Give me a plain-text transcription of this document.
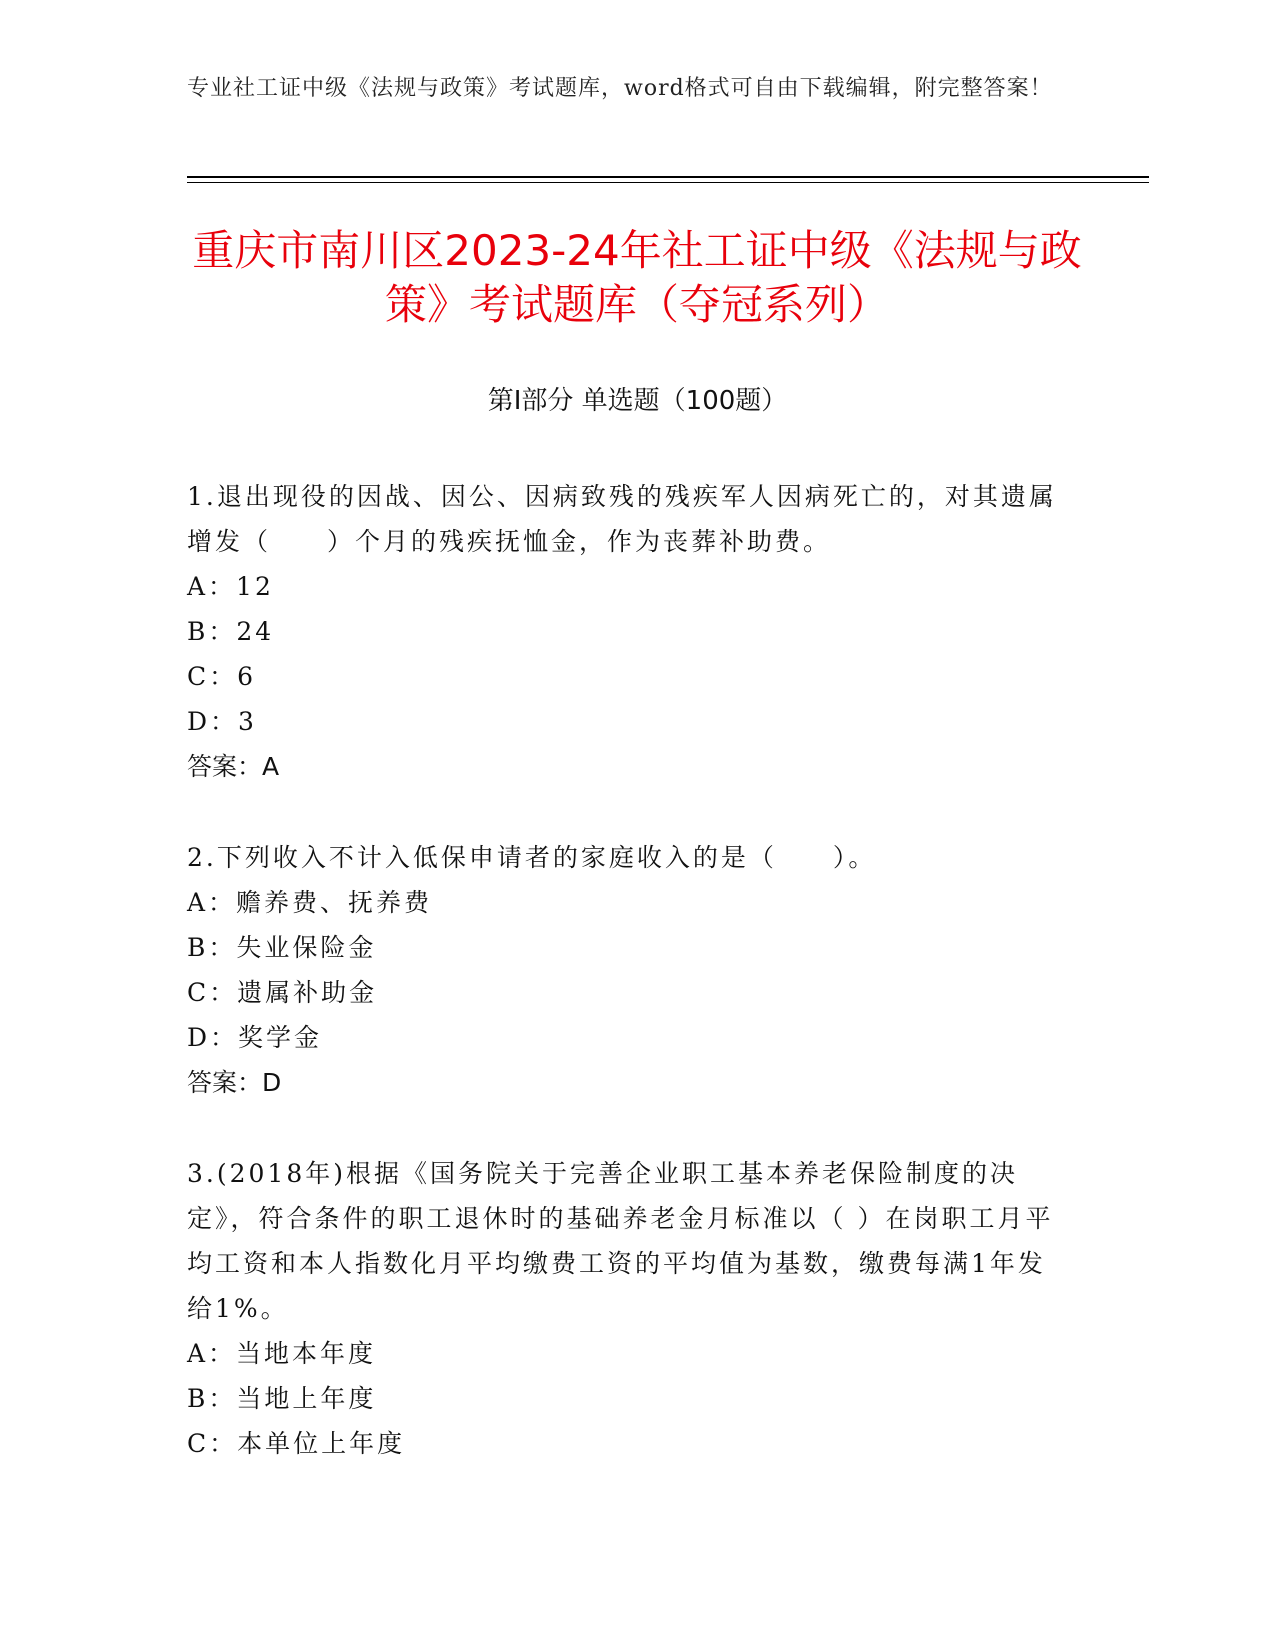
专业社工证中级《法规与政策》考试题库，word格式可自由下载编辑，附完整答案！
重庆市南川区2023-24年社工证中级《法规与政策》考试题库（夺冠系列）
第I部分 单选题（100题）
1.退出现役的因战、因公、因病致残的残疾军人因病死亡的，对其遗属增发（　　）个月的残疾抚恤金，作为丧葬补助费。
A：12
B：24
C：6
D：3
答案：A
2.下列收入不计入低保申请者的家庭收入的是（　　）。
A：赡养费、抚养费
B：失业保险金
C：遗属补助金
D：奖学金
答案：D
3.(2018年)根据《国务院关于完善企业职工基本养老保险制度的决定》，符合条件的职工退休时的基础养老金月标准以（ ）在岗职工月平均工资和本人指数化月平均缴费工资的平均值为基数，缴费每满1年发给1%。
A：当地本年度
B：当地上年度
C：本单位上年度
